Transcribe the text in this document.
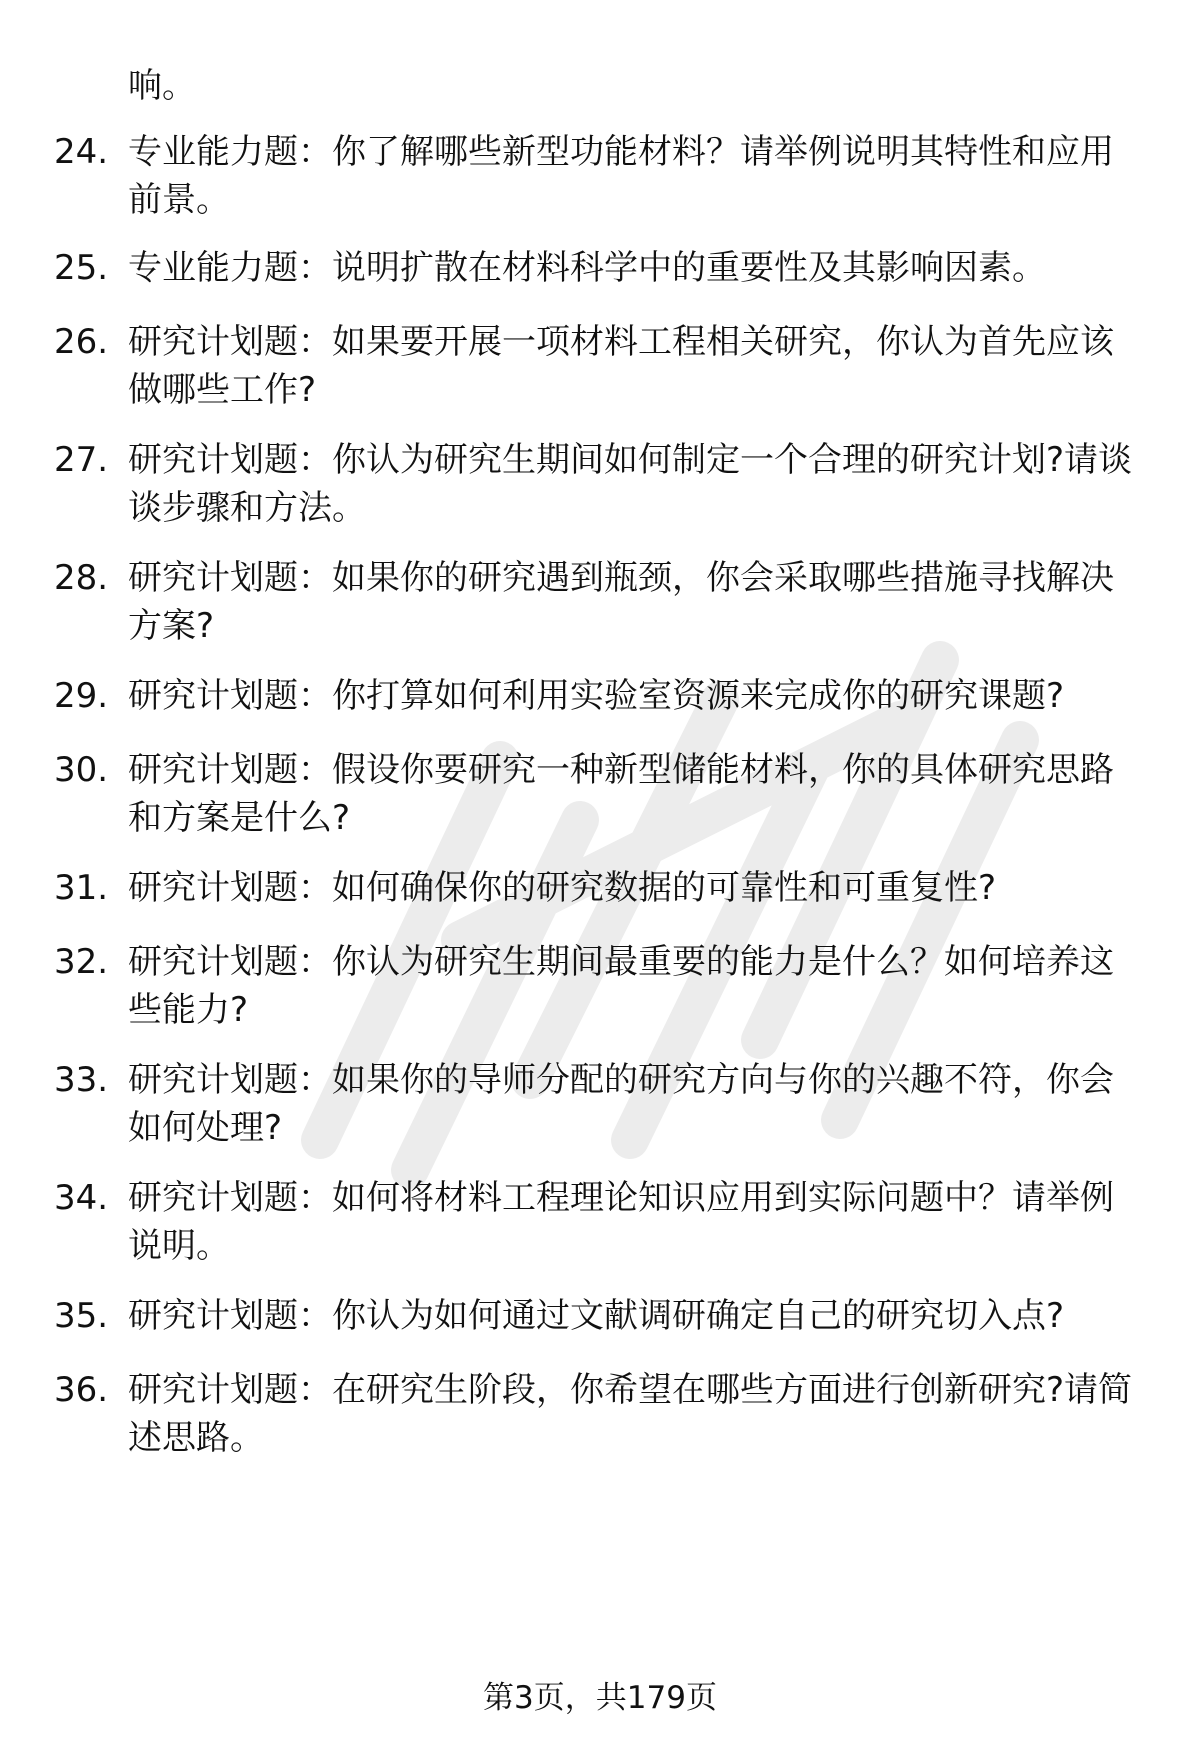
响。
24. 专业能力题：你了解哪些新型功能材料？请举例说明其特性和应用前景。
25. 专业能力题：说明扩散在材料科学中的重要性及其影响因素。
26. 研究计划题：如果要开展一项材料工程相关研究，你认为首先应该做哪些工作?
27. 研究计划题：你认为研究生期间如何制定一个合理的研究计划?请谈谈步骤和方法。
28. 研究计划题：如果你的研究遇到瓶颈，你会采取哪些措施寻找解决方案?
29. 研究计划题：你打算如何利用实验室资源来完成你的研究课题?
30. 研究计划题：假设你要研究一种新型储能材料，你的具体研究思路和方案是什么?
31. 研究计划题：如何确保你的研究数据的可靠性和可重复性?
32. 研究计划题：你认为研究生期间最重要的能力是什么？如何培养这些能力?
33. 研究计划题：如果你的导师分配的研究方向与你的兴趣不符，你会如何处理?
34. 研究计划题：如何将材料工程理论知识应用到实际问题中？请举例说明。
35. 研究计划题：你认为如何通过文献调研确定自己的研究切入点?
36. 研究计划题：在研究生阶段，你希望在哪些方面进行创新研究?请简述思路。
第3页，共179页
